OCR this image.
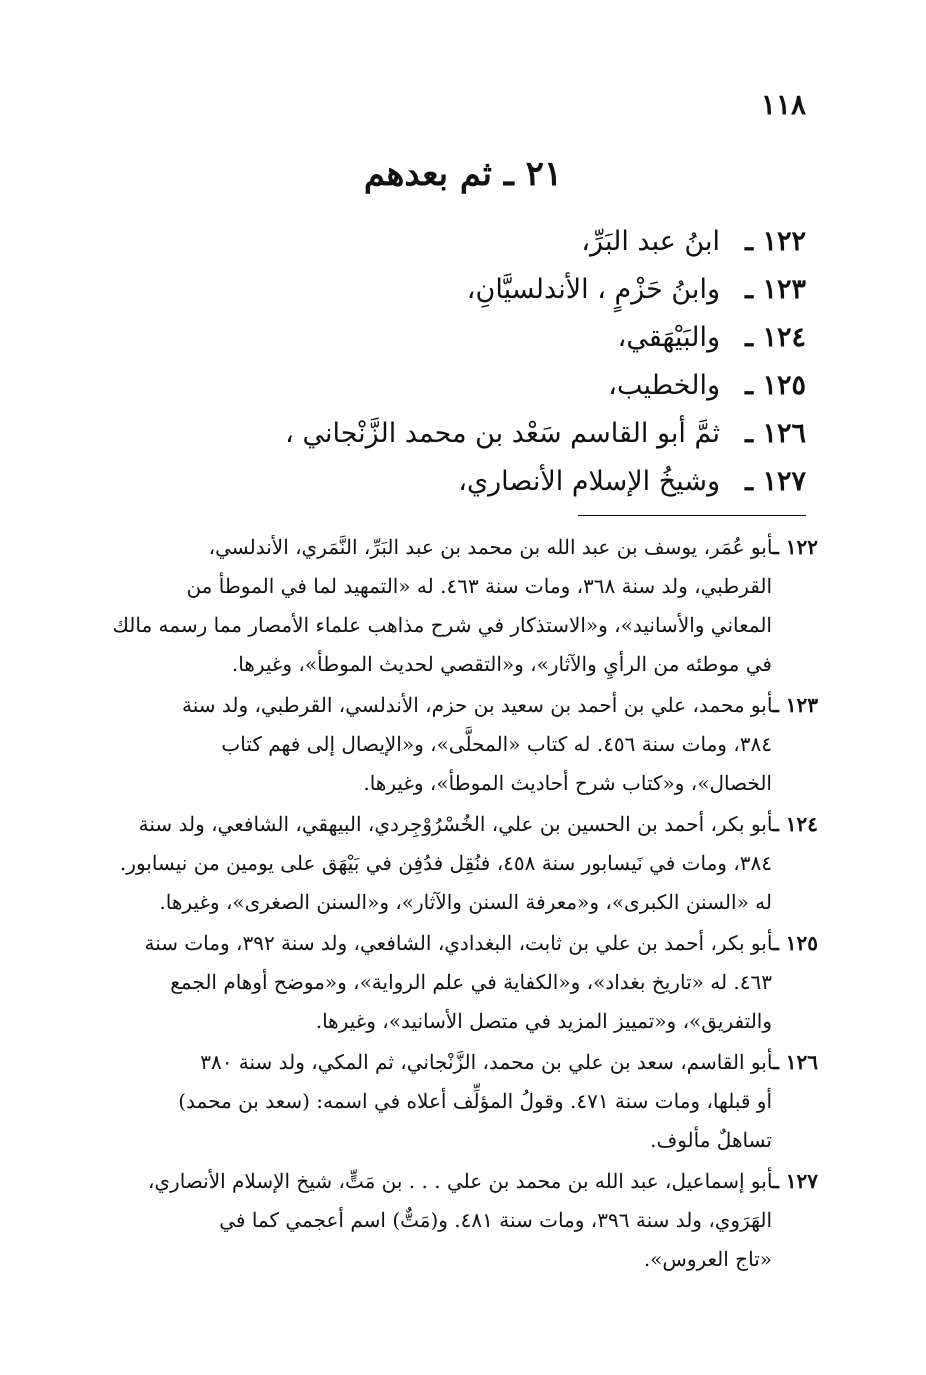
١١٨
٢١ ـ ثم بعدهم
١٢٢ ـابنُ عبد البَرِّ،
١٢٣ ـوابنُ حَزْمٍ ، الأندلسيَّانِ،
١٢٤ ـوالبَيْهَقي،
١٢٥ ـوالخطيب،
١٢٦ ـثمَّ أبو القاسم سَعْد بن محمد الزَّنْجاني ،
١٢٧ ـوشيخُ الإسلام الأنصاري،

١٢٢ ـأبو عُمَر، يوسف بن عبد الله بن محمد بن عبد البَرِّ، النَّمَري، الأندلسي،

القرطبي، ولد سنة ٣٦٨، ومات سنة ٤٦٣. له «التمهيد لما في الموطأ من

المعاني والأسانيد»، و«الاستذكار في شرح مذاهب علماء الأمصار مما رسمه مالك

في موطئه من الرأيِ والآثار»، و«التقصي لحديث الموطأ»، وغيرها.

١٢٣ ـأبو محمد، علي بن أحمد بن سعيد بن حزم، الأندلسي، القرطبي، ولد سنة

٣٨٤، ومات سنة ٤٥٦. له كتاب «المحلَّى»، و«الإيصال إلى فهم كتاب

الخصال»، و«كتاب شرح أحاديث الموطأ»، وغيرها.

١٢٤ ـأبو بكر، أحمد بن الحسين بن علي، الخُسْرُوْجِردي، البيهقي، الشافعي، ولد سنة

٣٨٤، ومات في نَيسابور سنة ٤٥٨، فنُقِل فدُفِن في بَيْهَق على يومين من نيسابور.

له «السنن الكبرى»، و«معرفة السنن والآثار»، و«السنن الصغرى»، وغيرها.

١٢٥ ـأبو بكر، أحمد بن علي بن ثابت، البغدادي، الشافعي، ولد سنة ٣٩٢، ومات سنة

٤٦٣. له «تاريخ بغداد»، و«الكفاية في علم الرواية»، و«موضح أوهام الجمع

والتفريق»، و«تمييز المزيد في متصل الأسانيد»، وغيرها.

١٢٦ ـأبو القاسم، سعد بن علي بن محمد، الزَّنْجاني، ثم المكي، ولد سنة ٣٨٠

أو قبلها، ومات سنة ٤٧١. وقولُ المؤلِّف أعلاه في اسمه: (سعد بن محمد)

تساهلٌ مألوف.

١٢٧ ـأبو إسماعيل، عبد الله بن محمد بن علي . . . بن مَتٍّ، شيخ الإسلام الأنصاري،

الهَرَوي، ولد سنة ٣٩٦، ومات سنة ٤٨١. و(مَتٌّ) اسم أعجمي كما في

«تاج العروس».
